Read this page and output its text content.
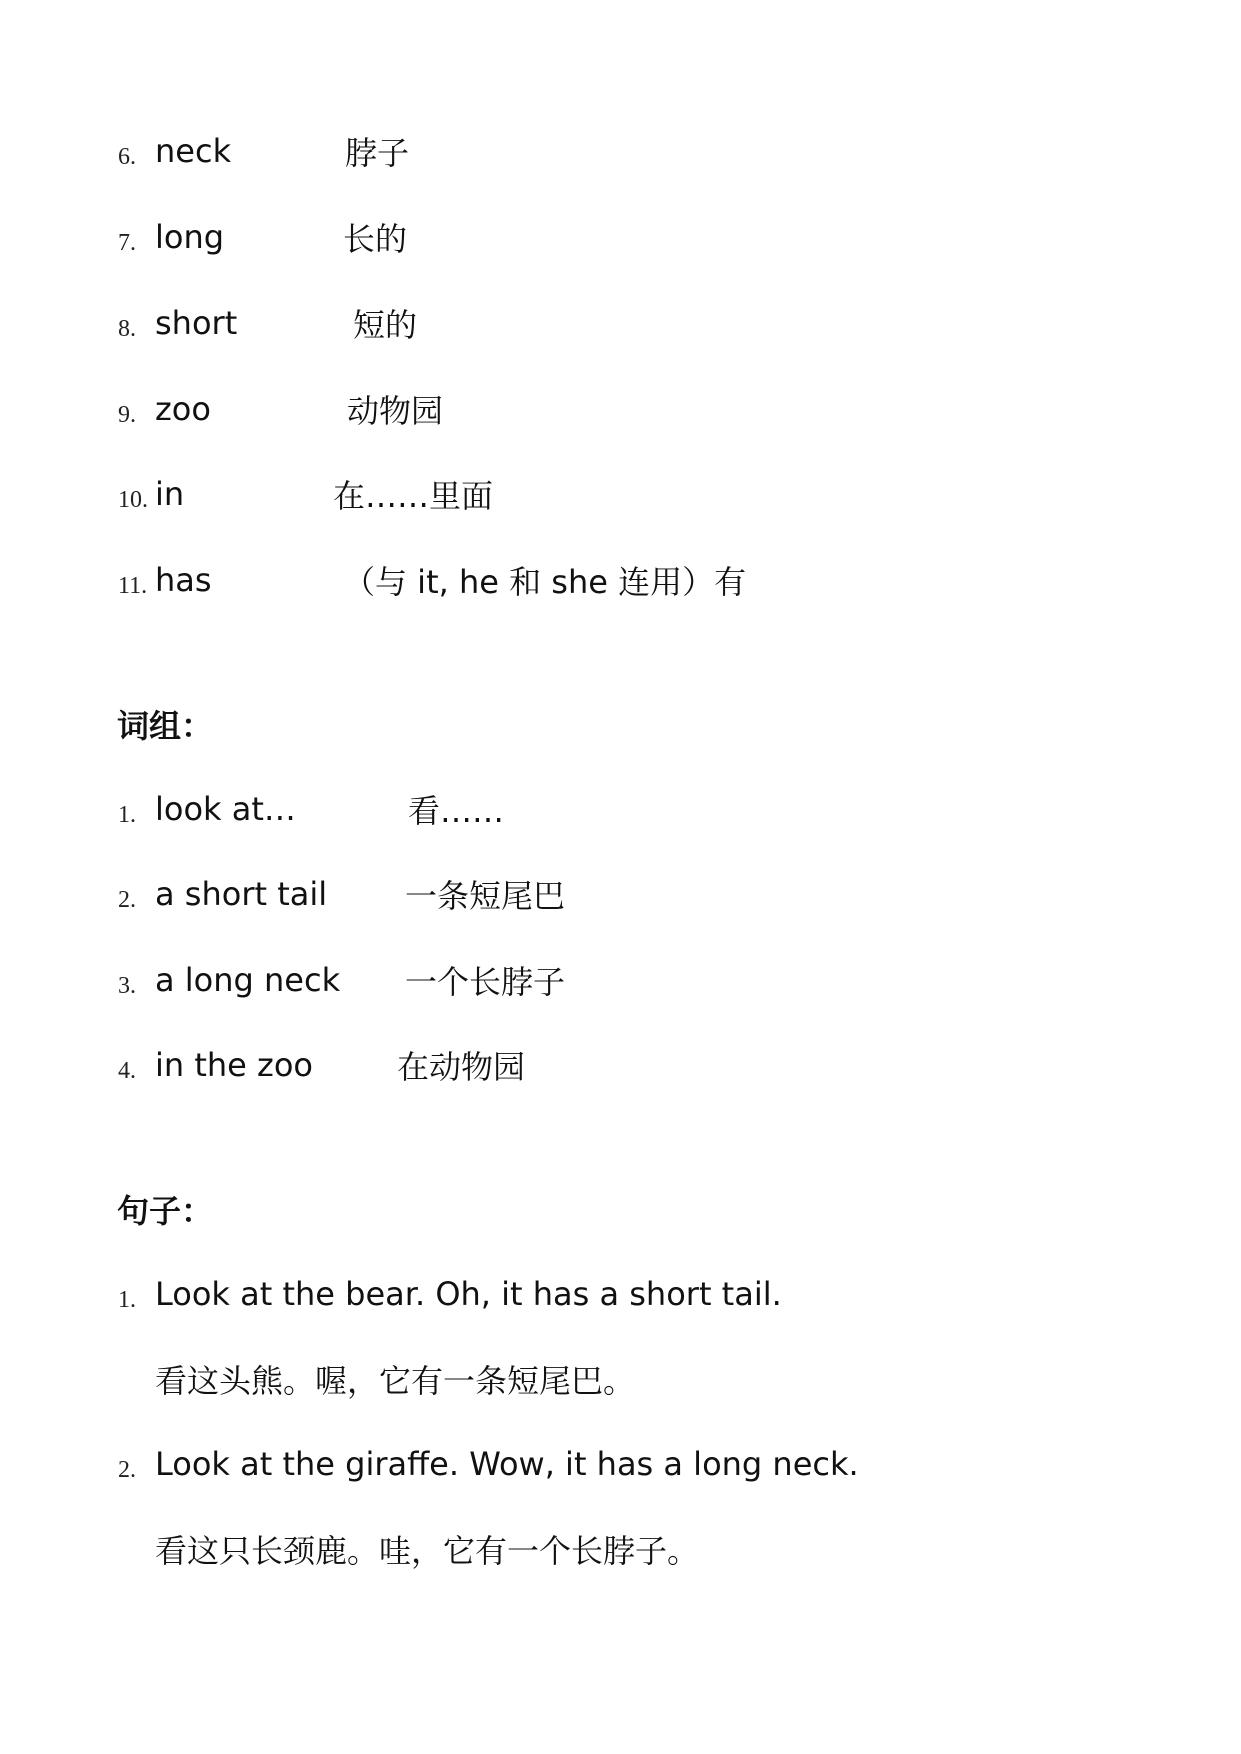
6. neck	脖子
7. long	长的
8. short	短的
9. zoo	动物园
10. in	在……里面
11. has	（与 it, he 和 she 连用）有
词组：
1. look at…	看……
2. a short tail 一条短尾巴
3. a long neck 一个长脖子
4. in the zoo	在动物园
句子：
1. Look at the bear. Oh, it has a short tail.
看这头熊。喔，它有一条短尾巴。
2. Look at the giraffe. Wow, it has a long neck.
看这只长颈鹿。哇，它有一个长脖子。
